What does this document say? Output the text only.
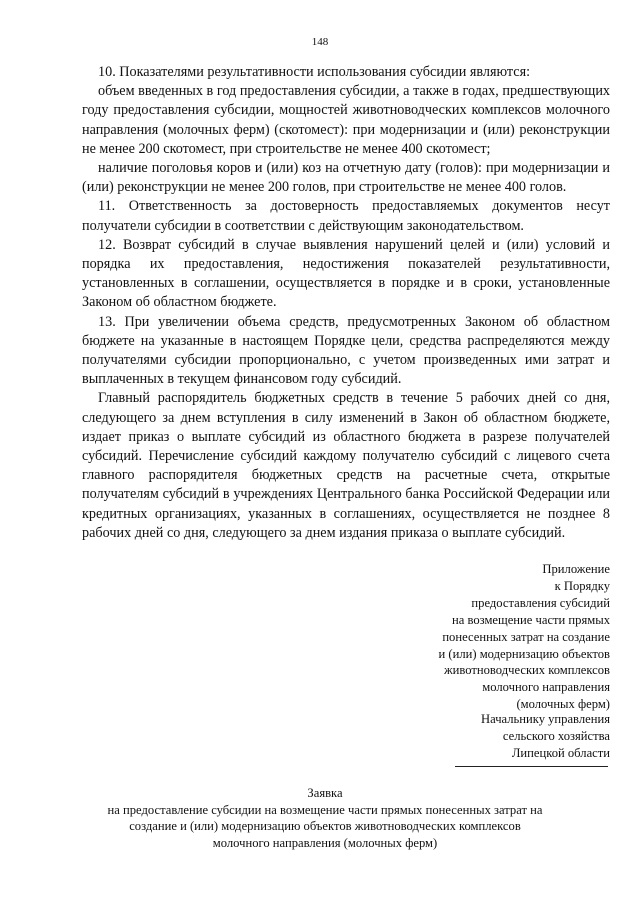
148

10. Показателями результативности использования субсидии являются:

объем введенных в год предоставления субсидии, а также в годах, предшествующих году предоставления субсидии, мощностей животноводческих комплексов молочного направления (молочных ферм) (скотомест): при модернизации и (или) реконструкции не менее 200 скотомест, при строительстве не менее 400 скотомест;

наличие поголовья коров и (или) коз на отчетную дату (голов): при модернизации и (или) реконструкции не менее 200 голов, при строительстве не менее 400 голов.

11. Ответственность за достоверность предоставляемых документов несут получатели субсидии в соответствии с действующим законодательством.

12. Возврат субсидий в случае выявления нарушений целей и (или) условий и порядка их предоставления, недостижения показателей результативности, установленных в соглашении, осуществляется в порядке и в сроки, установленные Законом об областном бюджете.

13. При увеличении объема средств, предусмотренных Законом об областном бюджете на указанные в настоящем Порядке цели, средства распределяются между получателями субсидии пропорционально, с учетом произведенных ими затрат и выплаченных в текущем финансовом году субсидий.

Главный распорядитель бюджетных средств в течение 5 рабочих дней со дня, следующего за днем вступления в силу изменений в Закон об областном бюджете, издает приказ о выплате субсидий из областного бюджета в разрезе получателей субсидий. Перечисление субсидий каждому получателю субсидий с лицевого счета главного распорядителя бюджетных средств на расчетные счета, открытые получателям субсидий в учреждениях Центрального банка Российской Федерации или кредитных организациях, указанных в соглашениях, осуществляется не позднее 8 рабочих дней со дня, следующего за днем издания приказа о выплате субсидий.

Приложение
к Порядку
предоставления субсидий
на возмещение части прямых
понесенных затрат на создание
и (или) модернизацию объектов
животноводческих комплексов
молочного направления
(молочных ферм)
Начальнику управления
сельского хозяйства
Липецкой области
Заявка
на предоставление субсидии на возмещение части прямых понесенных затрат на
создание и (или) модернизацию объектов животноводческих комплексов
молочного направления (молочных ферм)
